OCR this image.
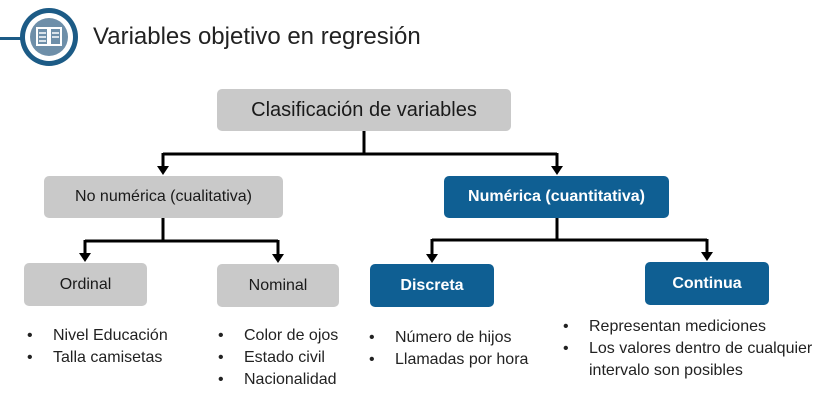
Variables objetivo en regresión
Clasificación de variables
No numérica (cualitativa)	Numérica (cuantitativa)
Ordinal	Nominal	Discreta	Continua
• Nivel Educación
• Talla camisetas
• Color de ojos
• Estado civil
• Nacionalidad
• Número de hijos
• Llamadas por hora
• Representan mediciones
• Los valores dentro de cualquier intervalo son posibles
